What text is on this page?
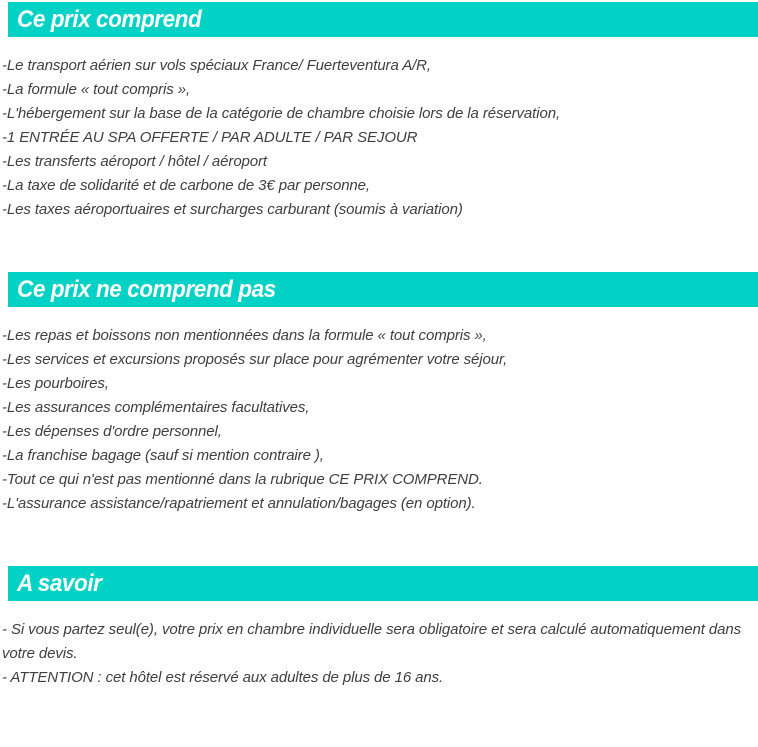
Ce prix comprend

-Le transport aérien sur vols spéciaux France/ Fuerteventura A/R,

-La formule « tout compris »,

-L'hébergement sur la base de la catégorie de chambre choisie lors de la réservation,

-1 ENTRÉE AU SPA OFFERTE / PAR ADULTE / PAR SEJOUR

-Les transferts aéroport / hôtel / aéroport

-La taxe de solidarité et de carbone de 3€ par personne,

-Les taxes aéroportuaires et surcharges carburant (soumis à variation)

Ce prix ne comprend pas

-Les repas et boissons non mentionnées dans la formule « tout compris »,

-Les services et excursions proposés sur place pour agrémenter votre séjour,

-Les pourboires,

-Les assurances complémentaires facultatives,

-Les dépenses d'ordre personnel,

-La franchise bagage (sauf si mention contraire ),

-Tout ce qui n'est pas mentionné dans la rubrique CE PRIX COMPREND.

-L'assurance assistance/rapatriement et annulation/bagages (en option).

A savoir

- Si vous partez seul(e), votre prix en chambre individuelle sera obligatoire et sera calculé automatiquement dans votre devis.

- ATTENTION : cet hôtel est réservé aux adultes de plus de 16 ans.
